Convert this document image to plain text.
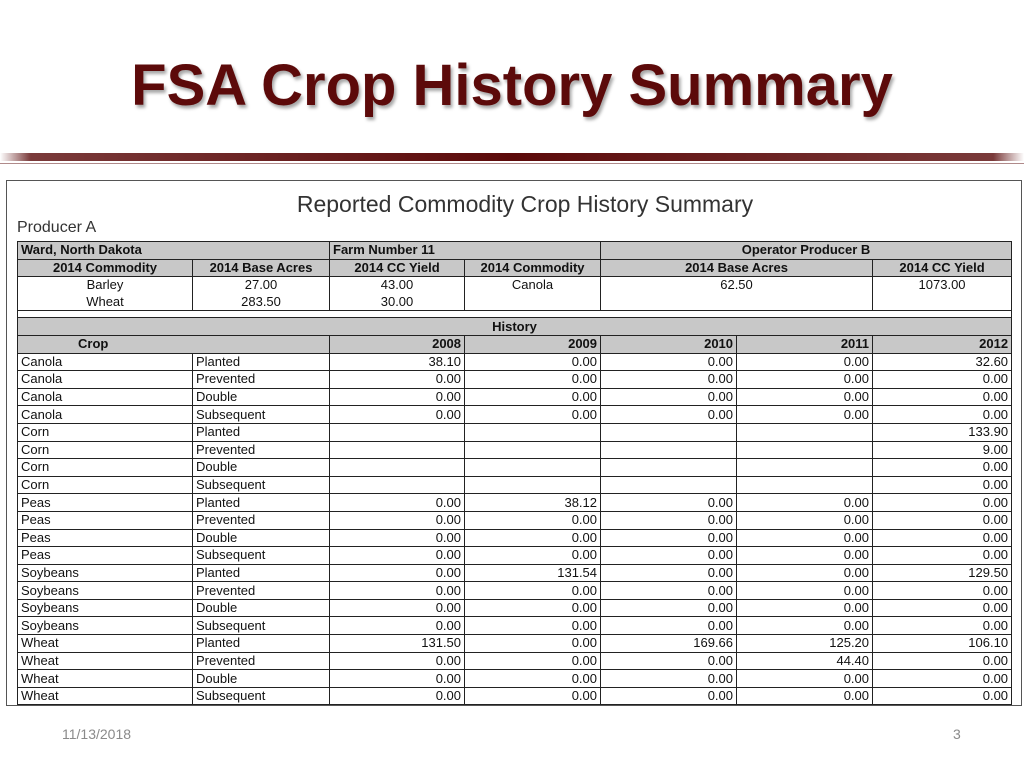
FSA Crop History Summary
Reported Commodity Crop History Summary
Producer A
Ward, North Dakota		Farm Number 11		Operator Producer B		
2014 Commodity	2014 Base Acres	2014 CC Yield	2014 Commodity	2014 Base Acres		2014 CC Yield
Barley	27.00	43.00	Canola	62.50		1073.00
Wheat	283.50	30.00				

History						
Crop		2008	2009	2010	2011	2012
Canola	Planted	38.10	0.00	0.00	0.00	32.60
Canola	Prevented	0.00	0.00	0.00	0.00	0.00
Canola	Double	0.00	0.00	0.00	0.00	0.00
Canola	Subsequent	0.00	0.00	0.00	0.00	0.00
Corn	Planted					133.90
Corn	Prevented					9.00
Corn	Double					0.00
Corn	Subsequent					0.00
Peas	Planted	0.00	38.12	0.00	0.00	0.00
Peas	Prevented	0.00	0.00	0.00	0.00	0.00
Peas	Double	0.00	0.00	0.00	0.00	0.00
Peas	Subsequent	0.00	0.00	0.00	0.00	0.00
Soybeans	Planted	0.00	131.54	0.00	0.00	129.50
Soybeans	Prevented	0.00	0.00	0.00	0.00	0.00
Soybeans	Double	0.00	0.00	0.00	0.00	0.00
Soybeans	Subsequent	0.00	0.00	0.00	0.00	0.00
Wheat	Planted	131.50	0.00	169.66	125.20	106.10
Wheat	Prevented	0.00	0.00	0.00	44.40	0.00
Wheat	Double	0.00	0.00	0.00	0.00	0.00
Wheat	Subsequent	0.00	0.00	0.00	0.00	0.00
11/13/2018	3
